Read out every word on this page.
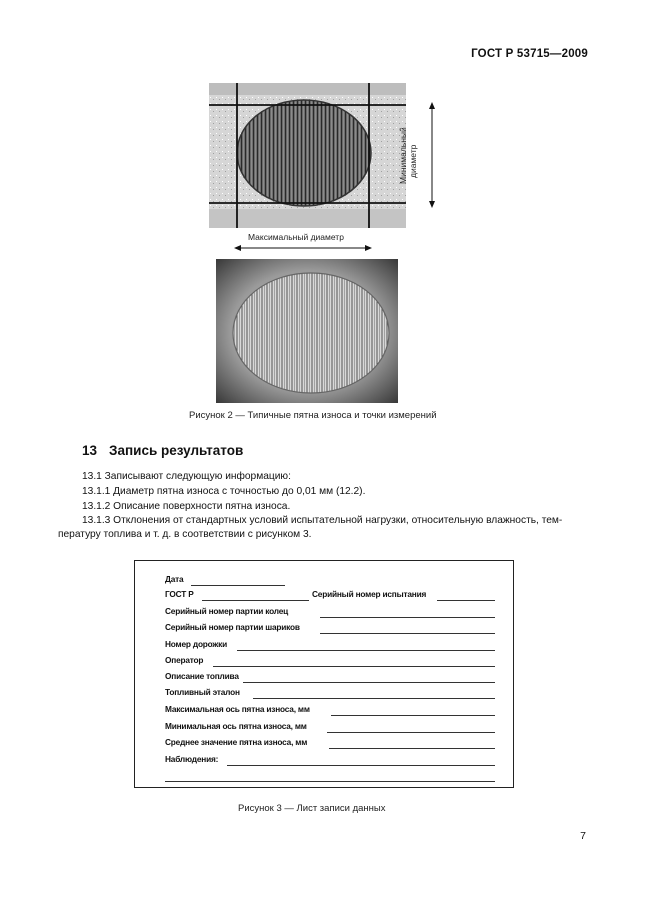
ГОСТ Р 53715—2009
Минимальный диаметр
Максимальный диаметр
Рисунок 2 — Типичные пятна износа и точки измерений
13 Запись результатов
13.1 Записывают следующую информацию:
13.1.1 Диаметр пятна износа с точностью до 0,01 мм (12.2).
13.1.2 Описание поверхности пятна износа.
13.1.3 Отклонения от стандартных условий испытательной нагрузки, относительную влажность, тем-
пературу топлива и т. д. в соответствии с рисунком 3.
Дата
ГОСТ Р	Серийный номер испытания
Серийный номер партии колец
Серийный номер партии шариков
Номер дорожки
Оператор
Описание топлива
Топливный эталон
Максимальная ось пятна износа, мм
Минимальная ось пятна износа, мм
Среднее значение пятна износа, мм
Наблюдения:
Рисунок 3 — Лист записи данных
7
